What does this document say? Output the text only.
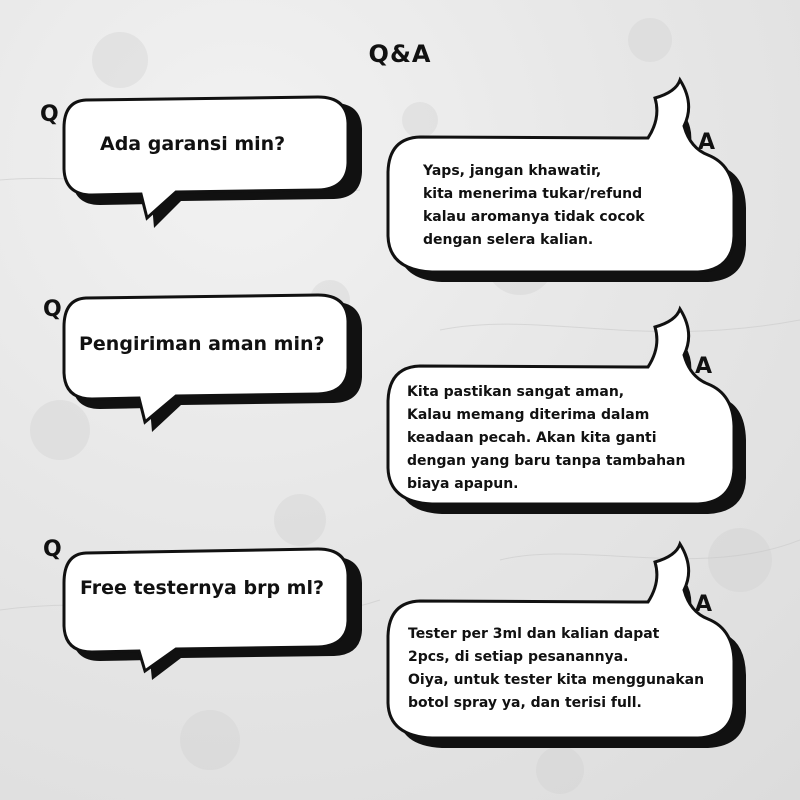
Q&A
Q
Q
Q
A
A
A
Ada garansi min?
Pengiriman aman min?
Free testernya brp ml?
Yaps, jangan khawatir,
kita menerima tukar/refund
kalau aromanya tidak cocok
dengan selera kalian.
Kita pastikan sangat aman,
Kalau memang diterima dalam
keadaan pecah. Akan kita ganti
dengan yang baru tanpa tambahan
biaya apapun.
Tester per 3ml dan kalian dapat
2pcs, di setiap pesanannya.
Oiya, untuk tester kita menggunakan
botol spray ya, dan terisi full.
